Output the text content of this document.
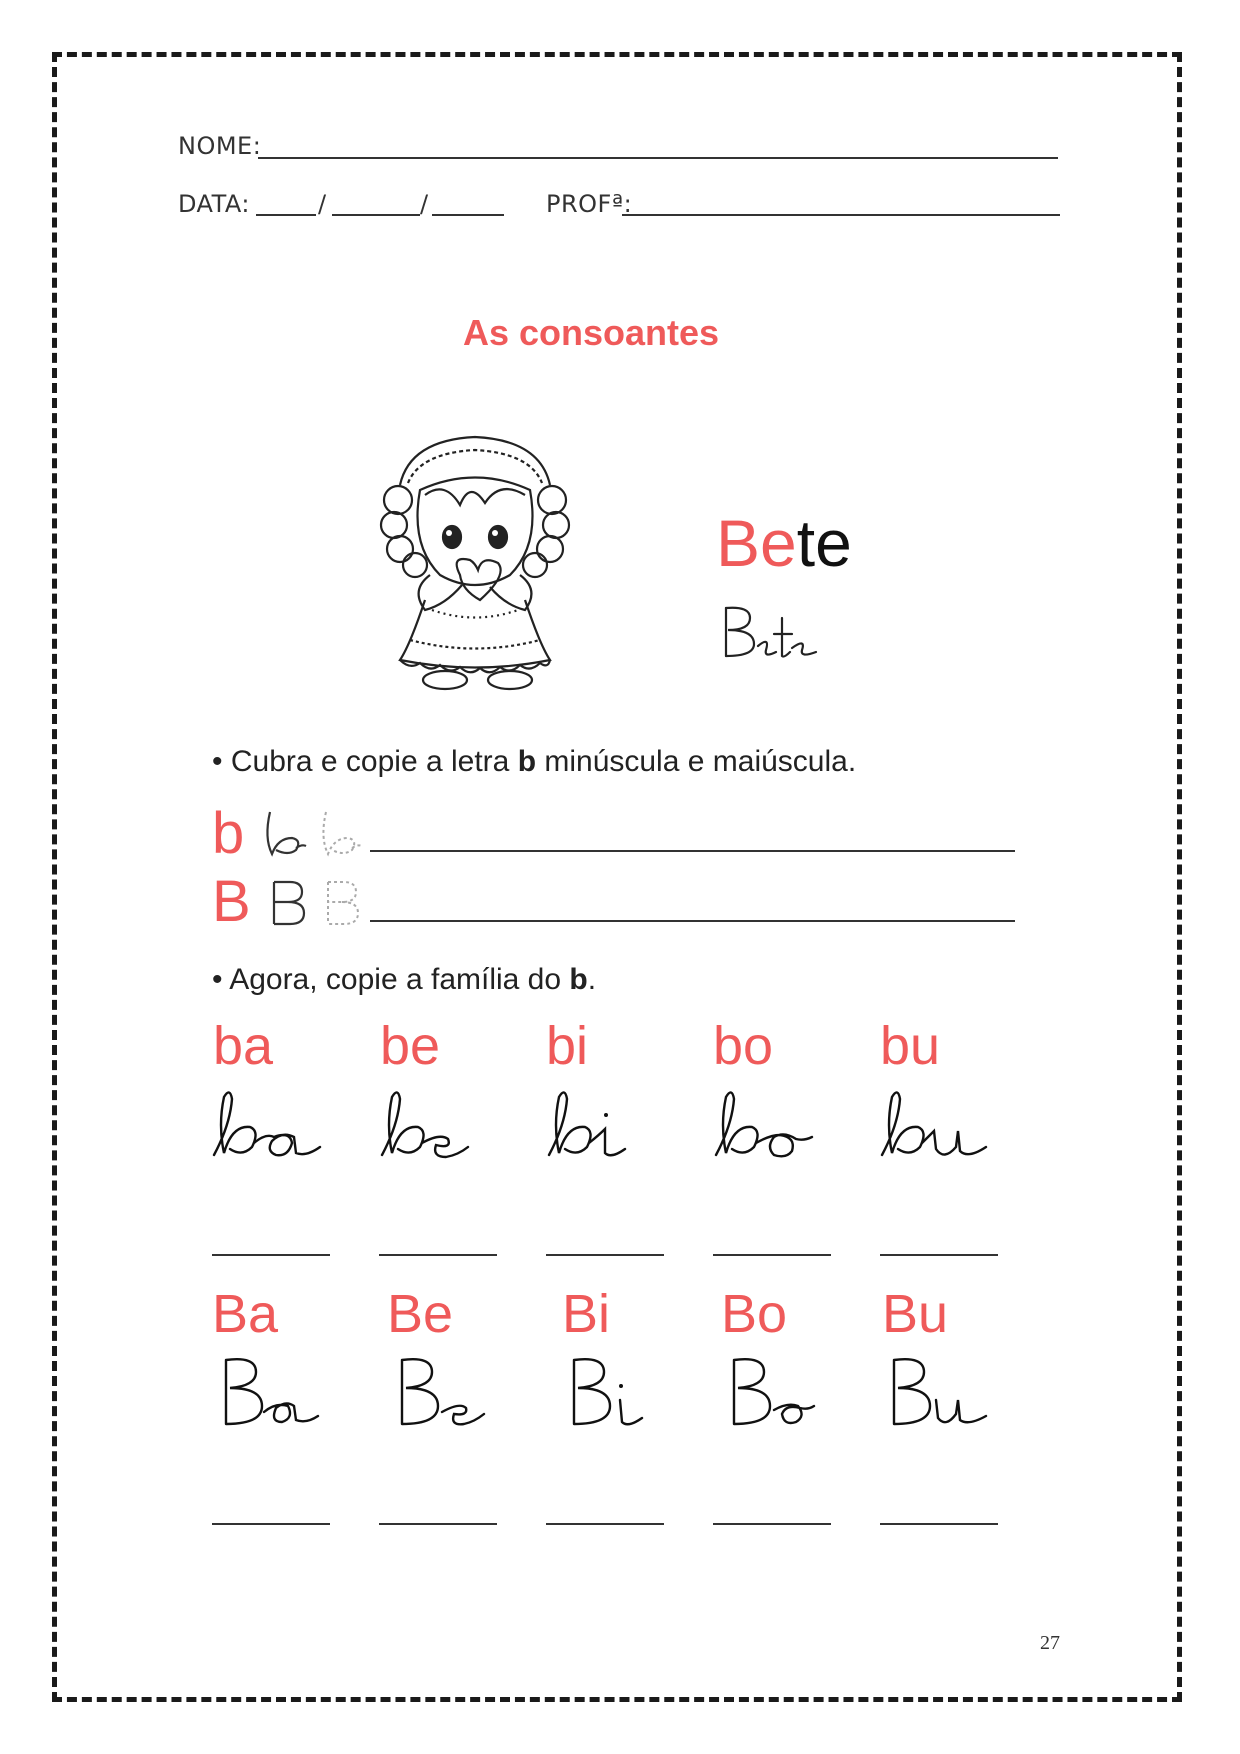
NOME:
DATA:	/	/	PROFª:
As consoantes
Bete
• Cubra e copie a letra b minúscula e maiúscula.
b
B
• Agora, copie a família do b.
ba be bi bo bu
Ba Be Bi Bo Bu
27
